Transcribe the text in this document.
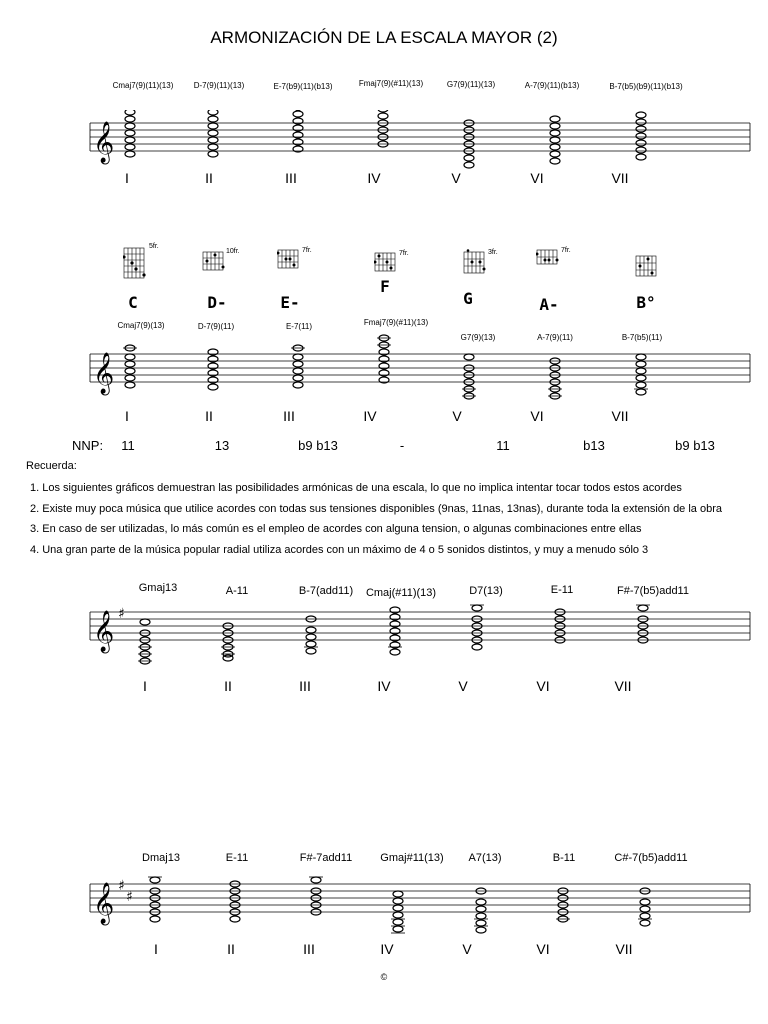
ARMONIZACIÓN DE LA ESCALA MAYOR (2)
𝄞
Cmaj7(9)(11)(13)	D-7(9)(11)(13)	E-7(b9)(11)(b13)	Fmaj7(9)(#11)(13)	G7(9)(11)(13)	A-7(9)(11)(b13)	B-7(b5)(b9)(11)(b13)
I	II	III	IV	V	VI	VII
5fr.
C
10fr.
D-
7fr.
E-
7fr.
F
3fr.
G
7fr.
A-	B°
𝄞
Cmaj7(9)(13)	D-7(9)(11)	E-7(11)	Fmaj7(9)(#11)(13)
G7(9)(13)	A-7(9)(11)	B-7(b5)(11)
I	II	III	IV	V	VI	VII
NNP: 11	13	b9 b13	-	11	b13	b9 b13
Recuerda:
1. Los siguientes gráficos demuestran las posibilidades armónicas de una escala, lo que no implica intentar tocar todos estos acordes
2. Existe muy poca música que utilice acordes con todas sus tensiones disponibles (9nas, 11nas, 13nas), durante toda la extensión de la obra
3. En caso de ser utilizadas, lo más común es el empleo de acordes con alguna tension, o algunas combinaciones entre ellas
4. Una gran parte de la música popular radial utiliza acordes con un máximo de 4 o 5 sonidos distintos, y muy a menudo sólo 3
𝄞 ♯
Gmaj13	A-11	B-7(add11) Cmaj(#11)(13)	D7(13)	E-11	F#-7(b5)add11
I	II	III	IV	V	VI	VII
𝄞 ♯
♯
Dmaj13	E-11	F#-7add11	Gmaj#11(13) A7(13)	B-11	C#-7(b5)add11
I	II	III	IV	V	VI	VII
©
